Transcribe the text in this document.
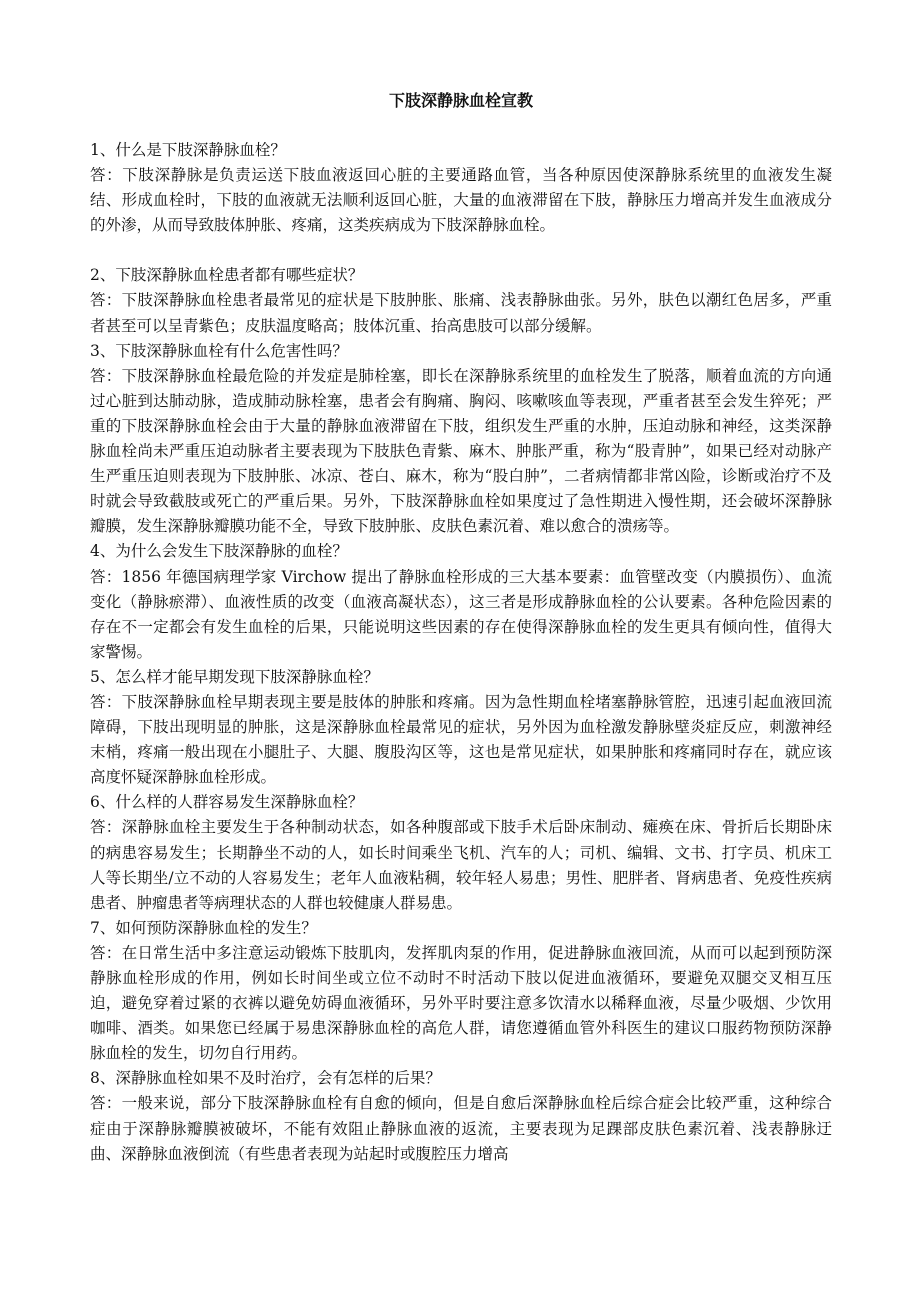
下肢深静脉血栓宣教

1、什么是下肢深静脉血栓？

答：下肢深静脉是负责运送下肢血液返回心脏的主要通路血管，当各种原因使深静脉系统里的血液发生凝结、形成血栓时，下肢的血液就无法顺利返回心脏，大量的血液滞留在下肢，静脉压力增高并发生血液成分的外渗，从而导致肢体肿胀、疼痛，这类疾病成为下肢深静脉血栓。

2、下肢深静脉血栓患者都有哪些症状？

答：下肢深静脉血栓患者最常见的症状是下肢肿胀、胀痛、浅表静脉曲张。另外，肤色以潮红色居多，严重者甚至可以呈青紫色；皮肤温度略高；肢体沉重、抬高患肢可以部分缓解。

3、下肢深静脉血栓有什么危害性吗？

答：下肢深静脉血栓最危险的并发症是肺栓塞，即长在深静脉系统里的血栓发生了脱落，顺着血流的方向通过心脏到达肺动脉，造成肺动脉栓塞，患者会有胸痛、胸闷、咳嗽咳血等表现，严重者甚至会发生猝死；严重的下肢深静脉血栓会由于大量的静脉血液滞留在下肢，组织发生严重的水肿，压迫动脉和神经，这类深静脉血栓尚未严重压迫动脉者主要表现为下肢肤色青紫、麻木、肿胀严重，称为“股青肿”，如果已经对动脉产生严重压迫则表现为下肢肿胀、冰凉、苍白、麻木，称为“股白肿”，二者病情都非常凶险，诊断或治疗不及时就会导致截肢或死亡的严重后果。另外，下肢深静脉血栓如果度过了急性期进入慢性期，还会破坏深静脉瓣膜，发生深静脉瓣膜功能不全，导致下肢肿胀、皮肤色素沉着、难以愈合的溃疡等。

4、为什么会发生下肢深静脉的血栓？

答：1856 年德国病理学家 Virchow 提出了静脉血栓形成的三大基本要素：血管壁改变（内膜损伤）、血流变化（静脉瘀滞）、血液性质的改变（血液高凝状态），这三者是形成静脉血栓的公认要素。各种危险因素的存在不一定都会有发生血栓的后果，只能说明这些因素的存在使得深静脉血栓的发生更具有倾向性，值得大家警惕。

5、怎么样才能早期发现下肢深静脉血栓？

答：下肢深静脉血栓早期表现主要是肢体的肿胀和疼痛。因为急性期血栓堵塞静脉管腔，迅速引起血液回流障碍，下肢出现明显的肿胀，这是深静脉血栓最常见的症状，另外因为血栓激发静脉壁炎症反应，刺激神经末梢，疼痛一般出现在小腿肚子、大腿、腹股沟区等，这也是常见症状，如果肿胀和疼痛同时存在，就应该高度怀疑深静脉血栓形成。

6、什么样的人群容易发生深静脉血栓？

答：深静脉血栓主要发生于各种制动状态，如各种腹部或下肢手术后卧床制动、瘫痪在床、骨折后长期卧床的病患容易发生；长期静坐不动的人，如长时间乘坐飞机、汽车的人；司机、编辑、文书、打字员、机床工人等长期坐/立不动的人容易发生；老年人血液粘稠，较年轻人易患；男性、肥胖者、肾病患者、免疫性疾病患者、肿瘤患者等病理状态的人群也较健康人群易患。

7、如何预防深静脉血栓的发生？

答：在日常生活中多注意运动锻炼下肢肌肉，发挥肌肉泵的作用，促进静脉血液回流，从而可以起到预防深静脉血栓形成的作用，例如长时间坐或立位不动时不时活动下肢以促进血液循环，要避免双腿交叉相互压迫，避免穿着过紧的衣裤以避免妨碍血液循环，另外平时要注意多饮清水以稀释血液，尽量少吸烟、少饮用咖啡、酒类。如果您已经属于易患深静脉血栓的高危人群，请您遵循血管外科医生的建议口服药物预防深静脉血栓的发生，切勿自行用药。

8、深静脉血栓如果不及时治疗，会有怎样的后果？

答：一般来说，部分下肢深静脉血栓有自愈的倾向，但是自愈后深静脉血栓后综合症会比较严重，这种综合症由于深静脉瓣膜被破坏，不能有效阻止静脉血液的返流，主要表现为足踝部皮肤色素沉着、浅表静脉迂曲、深静脉血液倒流（有些患者表现为站起时或腹腔压力增高
